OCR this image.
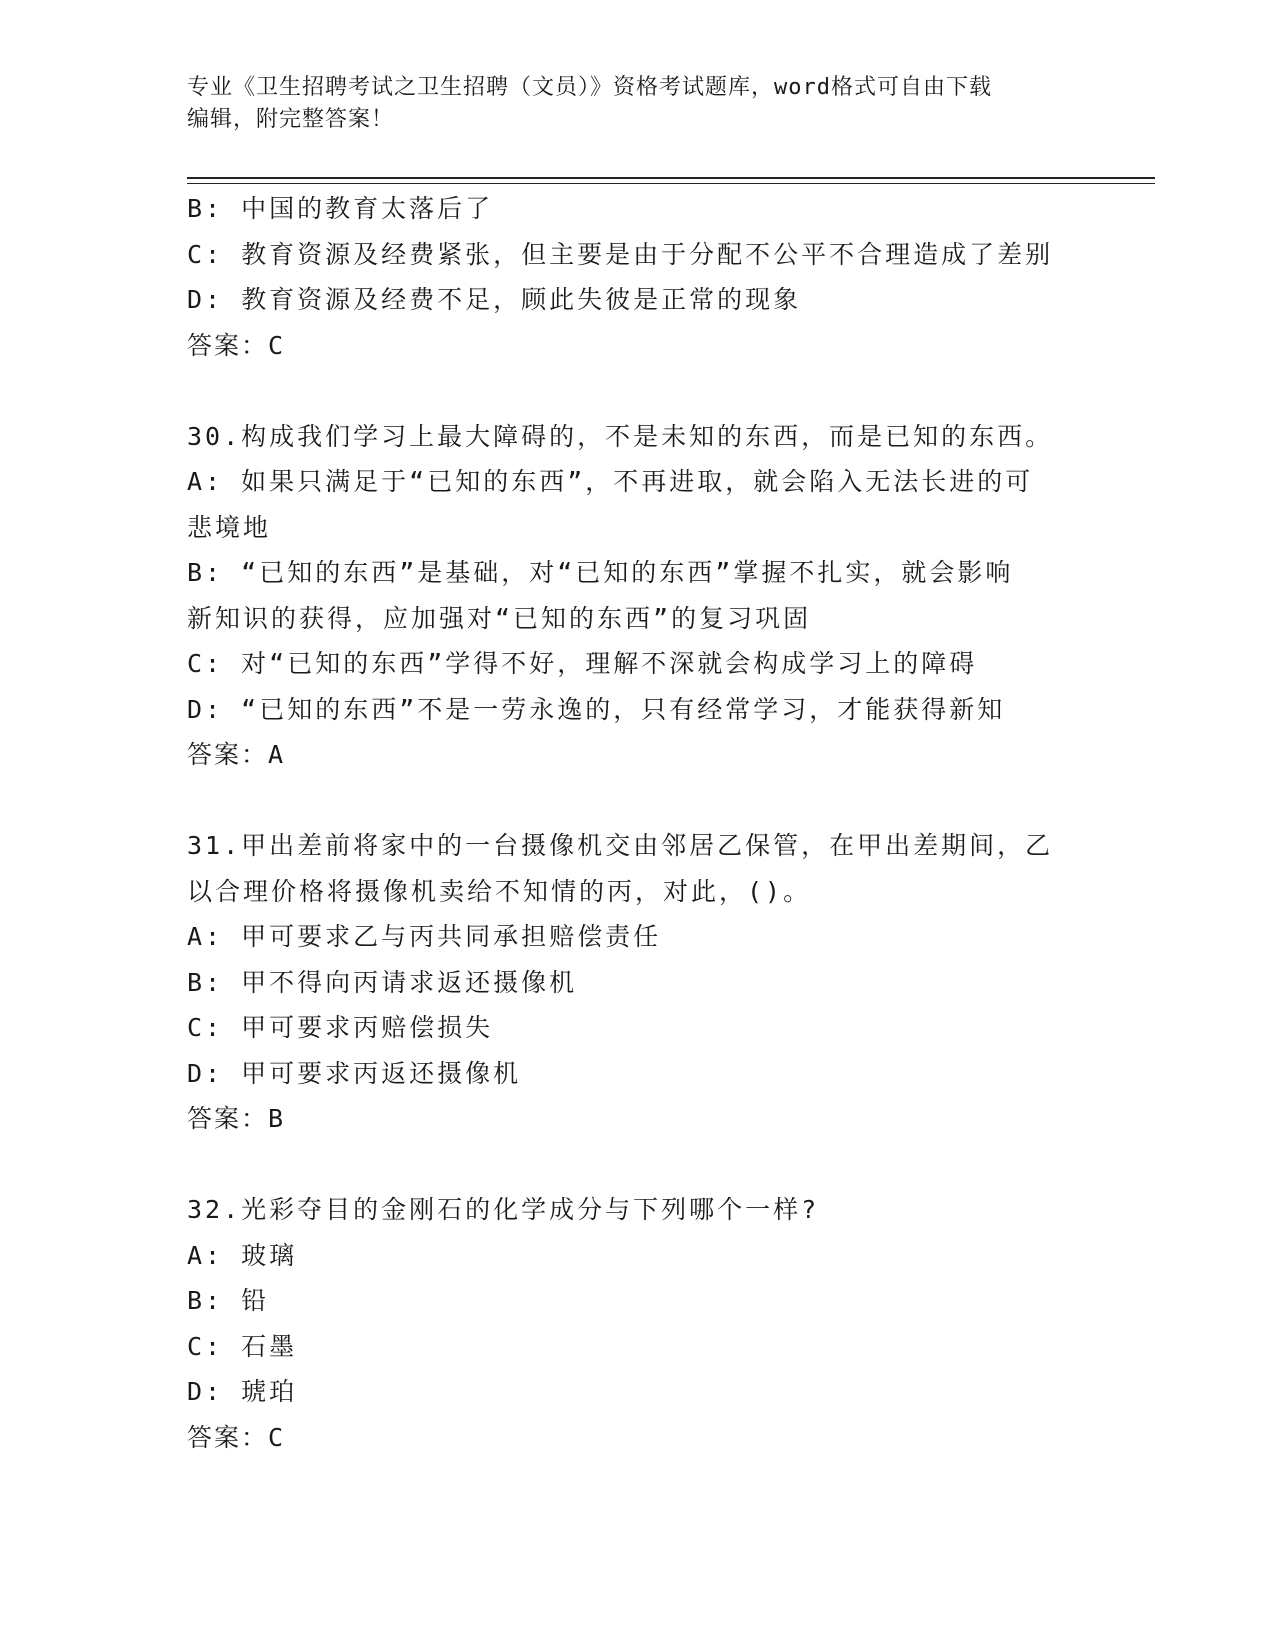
专业《卫生招聘考试之卫生招聘（文员）》资格考试题库，word格式可自由下载
编辑，附完整答案！

B: 中国的教育太落后了

C: 教育资源及经费紧张，但主要是由于分配不公平不合理造成了差别

D: 教育资源及经费不足，顾此失彼是正常的现象

答案：C

30.构成我们学习上最大障碍的，不是未知的东西，而是已知的东西。

A: 如果只满足于“已知的东西”，不再进取，就会陷入无法长进的可

悲境地

B: “已知的东西”是基础，对“已知的东西”掌握不扎实，就会影响

新知识的获得，应加强对“已知的东西”的复习巩固

C: 对“已知的东西”学得不好，理解不深就会构成学习上的障碍

D: “已知的东西”不是一劳永逸的，只有经常学习，才能获得新知

答案：A

31.甲出差前将家中的一台摄像机交由邻居乙保管，在甲出差期间，乙

以合理价格将摄像机卖给不知情的丙，对此，()。

A: 甲可要求乙与丙共同承担赔偿责任

B: 甲不得向丙请求返还摄像机

C: 甲可要求丙赔偿损失

D: 甲可要求丙返还摄像机

答案：B

32.光彩夺目的金刚石的化学成分与下列哪个一样?

A: 玻璃

B: 铅

C: 石墨

D: 琥珀

答案：C
